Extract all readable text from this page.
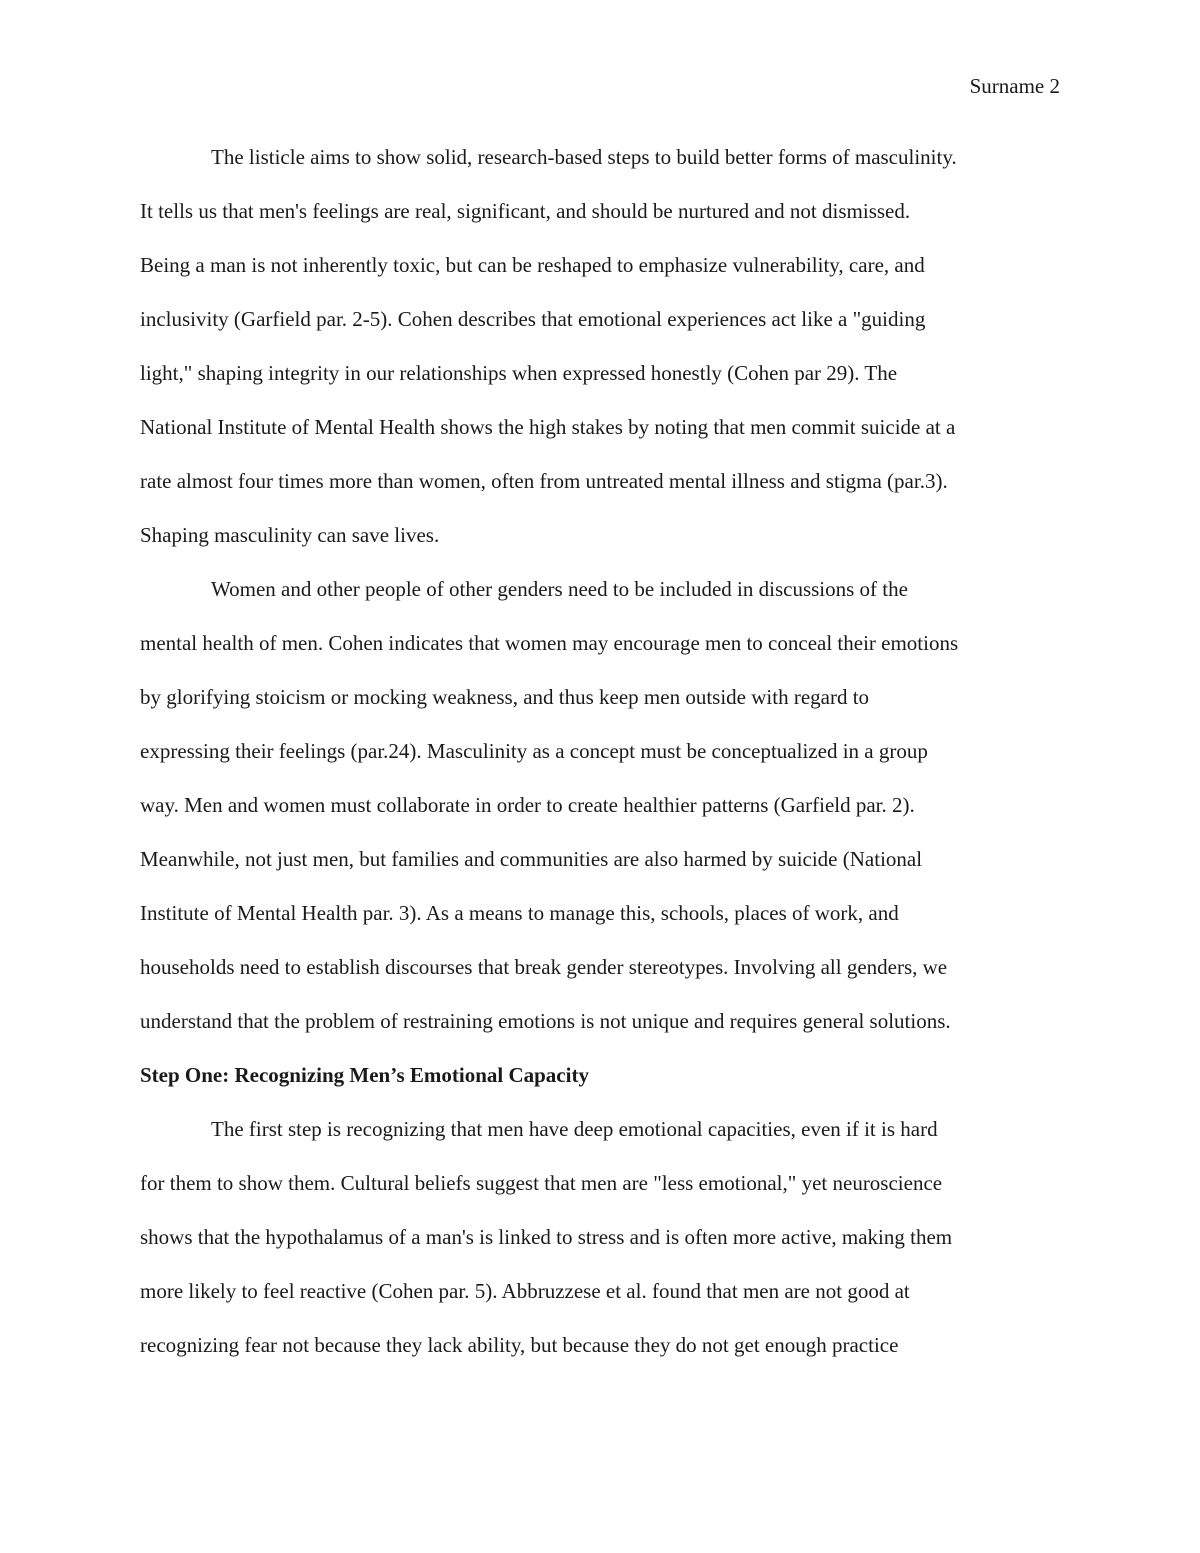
Surname 2
The listicle aims to show solid, research-based steps to build better forms of masculinity.
It tells us that men's feelings are real, significant, and should be nurtured and not dismissed.
Being a man is not inherently toxic, but can be reshaped to emphasize vulnerability, care, and
inclusivity (Garfield par. 2-5). Cohen describes that emotional experiences act like a "guiding
light," shaping integrity in our relationships when expressed honestly (Cohen par 29). The
National Institute of Mental Health shows the high stakes by noting that men commit suicide at a
rate almost four times more than women, often from untreated mental illness and stigma (par.3).
Shaping masculinity can save lives.
Women and other people of other genders need to be included in discussions of the
mental health of men. Cohen indicates that women may encourage men to conceal their emotions
by glorifying stoicism or mocking weakness, and thus keep men outside with regard to
expressing their feelings (par.24). Masculinity as a concept must be conceptualized in a group
way. Men and women must collaborate in order to create healthier patterns (Garfield par. 2).
Meanwhile, not just men, but families and communities are also harmed by suicide (National
Institute of Mental Health par. 3). As a means to manage this, schools, places of work, and
households need to establish discourses that break gender stereotypes. Involving all genders, we
understand that the problem of restraining emotions is not unique and requires general solutions.
Step One: Recognizing Men’s Emotional Capacity
The first step is recognizing that men have deep emotional capacities, even if it is hard
for them to show them. Cultural beliefs suggest that men are "less emotional," yet neuroscience
shows that the hypothalamus of a man's is linked to stress and is often more active, making them
more likely to feel reactive (Cohen par. 5). Abbruzzese et al. found that men are not good at
recognizing fear not because they lack ability, but because they do not get enough practice
